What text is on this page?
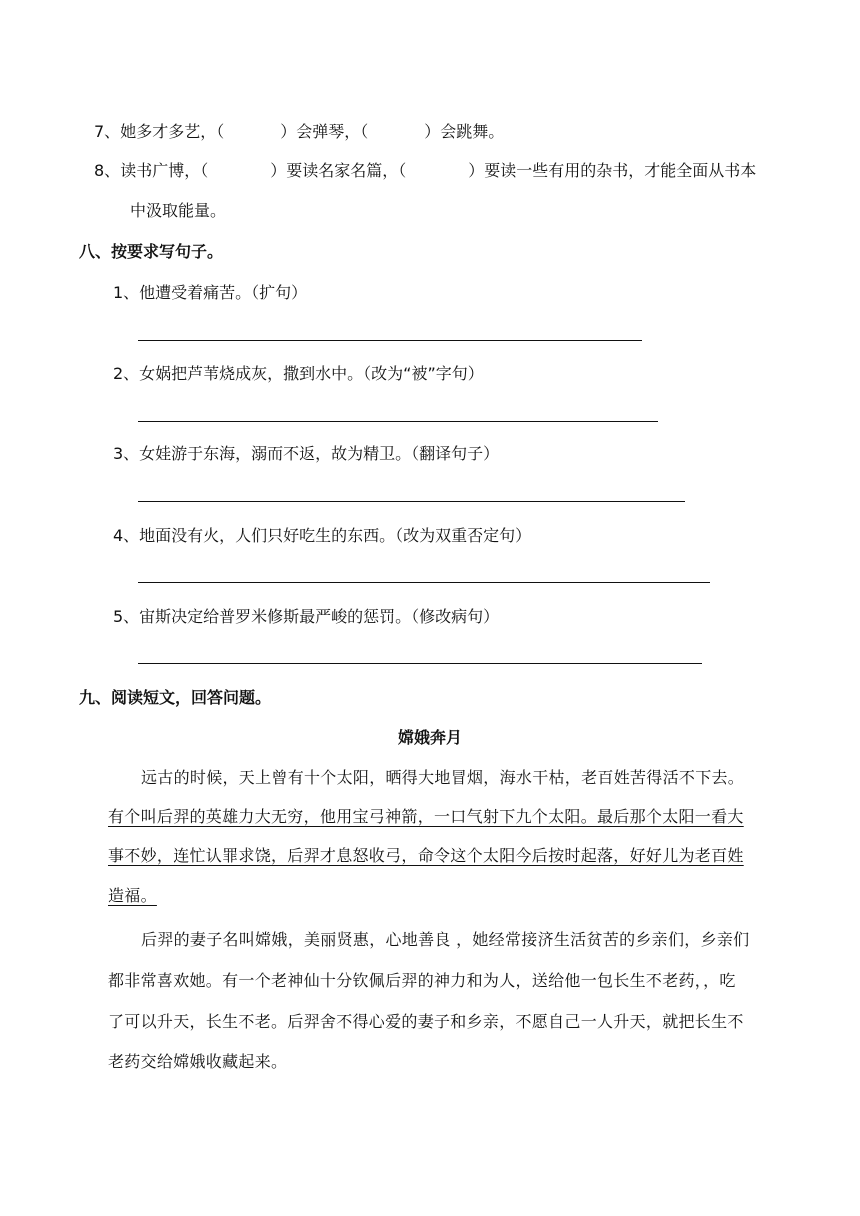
7、她多才多艺，（	）会弹琴，（	）会跳舞。
8、读书广博，（	）要读名家名篇，（	）要读一些有用的杂书，才能全面从书本
中汲取能量。
八、按要求写句子。
1、他遭受着痛苦。（扩句）
2、女娲把芦苇烧成灰，撒到水中。（改为“被”字句）
3、女娃游于东海，溺而不返，故为精卫。（翻译句子）
4、地面没有火，人们只好吃生的东西。（改为双重否定句）
5、宙斯决定给普罗米修斯最严峻的惩罚。（修改病句）
九、阅读短文，回答问题。
嫦娥奔月
远古的时候，天上曾有十个太阳，晒得大地冒烟，海水干枯，老百姓苦得活不下去。
有个叫后羿的英雄力大无穷，他用宝弓神箭，一口气射下九个太阳。最后那个太阳一看大
事不妙，连忙认罪求饶，后羿才息怒收弓，命令这个太阳今后按时起落，好好儿为老百姓
造福。
后羿的妻子名叫嫦娥，美丽贤惠，心地善良 ，她经常接济生活贫苦的乡亲们，乡亲们
都非常喜欢她。有一个老神仙十分钦佩后羿的神力和为人，送给他一包长生不老药，，吃
了可以升天，长生不老。后羿舍不得心爱的妻子和乡亲，不愿自己一人升天，就把长生不
老药交给嫦娥收藏起来。
